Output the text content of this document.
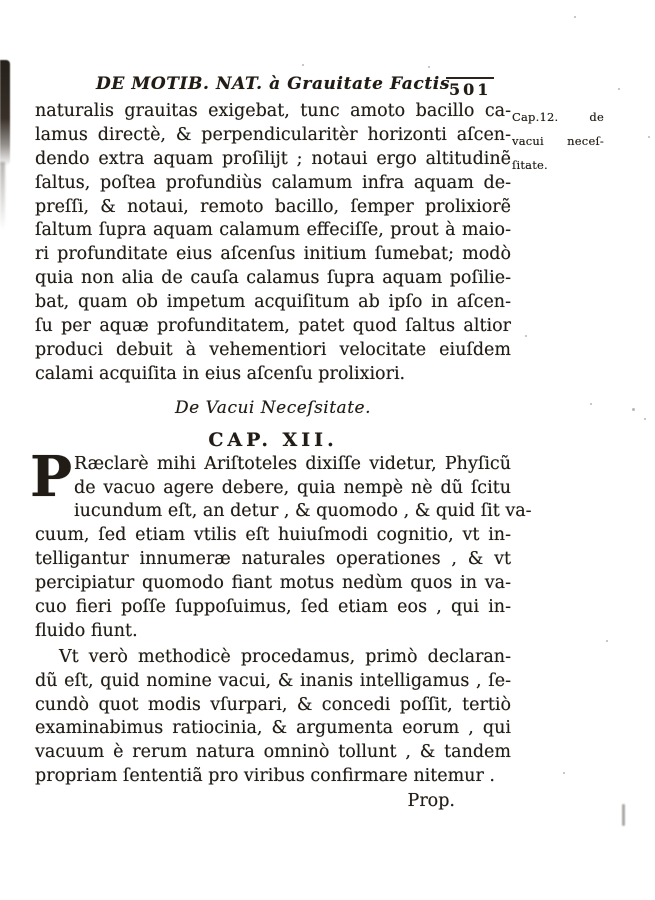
DE MOTIB. NAT. à Grauitate Factis
501
Cap.12. de
vacui neceſ-
ſitate.
naturalis grauitas exigebat, tunc amoto bacillo ca-
lamus directè, & perpendicularitèr horizonti aſcen-
dendo extra aquam proſilijt ; notaui ergo altitudinẽ
ſaltus, poſtea profundiùs calamum infra aquam de-
preſſi, & notaui, remoto bacillo, ſemper prolixiorẽ
ſaltum ſupra aquam calamum effeciſſe, prout à maio-
ri profunditate eius aſcenſus initium ſumebat; modò
quia non alia de cauſa calamus ſupra aquam poſilie-
bat, quam ob impetum acquiſitum ab ipſo in aſcen-
ſu per aquæ profunditatem, patet quod ſaltus altior
produci debuit à vehementiori velocitate eiuſdem
calami acquiſita in eius aſcenſu prolixiori.
De Vacui Neceſsitate.
CAP. XII.
P Ræclarè mihi Ariſtoteles dixiſſe videtur, Phyſicũ
de vacuo agere debere, quia nempè nè dũ ſcitu
iucundum eſt, an detur , & quomodo , & quid ſit va-
cuum, ſed etiam vtilis eſt huiuſmodi cognitio, vt in-
telligantur innumeræ naturales operationes , & vt
percipiatur quomodo fiant motus nedùm quos in va-
cuo fieri poſſe ſuppoſuimus, ſed etiam eos , qui in-
fluido fiunt.
Vt verò methodicè procedamus, primò declaran-
dũ eſt, quid nomine vacui, & inanis intelligamus , ſe-
cundò quot modis vſurpari, & concedi poſſit, tertiò
examinabimus ratiocinia, & argumenta eorum , qui
vacuum è rerum natura omninò tollunt , & tandem
propriam ſententiã pro viribus confirmare nitemur .
Prop.
